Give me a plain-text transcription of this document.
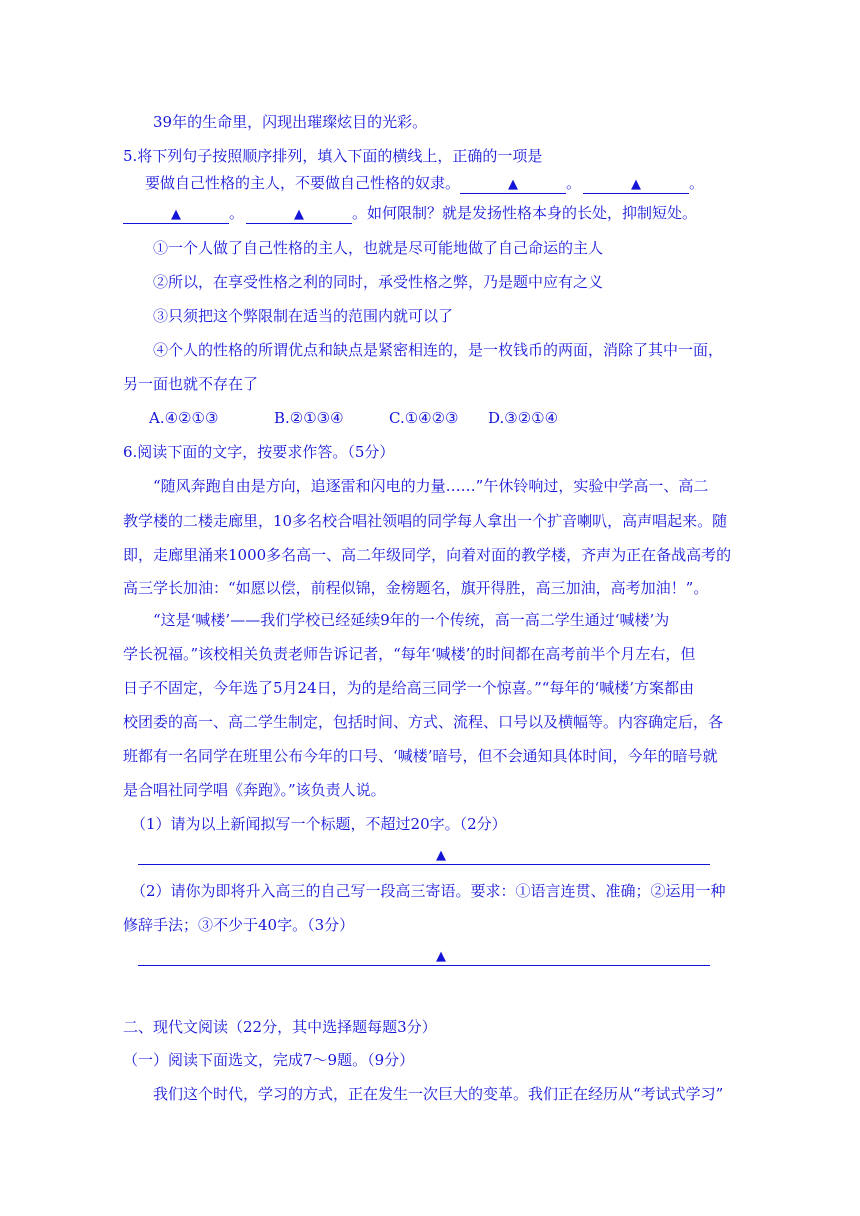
39年的生命里，闪现出璀璨炫目的光彩。
5.将下列句子按照顺序排列，填入下面的横线上，正确的一项是
要做自己性格的主人，不要做自己性格的奴隶。	▲	。	▲	。
▲	。	▲	。如何限制？就是发扬性格本身的长处，抑制短处。
①一个人做了自己性格的主人，也就是尽可能地做了自己命运的主人
②所以，在享受性格之利的同时，承受性格之弊，乃是题中应有之义
③只须把这个弊限制在适当的范围内就可以了
④个人的性格的所谓优点和缺点是紧密相连的，是一枚钱币的两面，消除了其中一面，
另一面也就不存在了
A.④②①③	B.②①③④	C.①④②③ D.③②①④
6.阅读下面的文字，按要求作答。（5分）
“随风奔跑自由是方向，追逐雷和闪电的力量……”午休铃响过，实验中学高一、高二
教学楼的二楼走廊里，10多名校合唱社领唱的同学每人拿出一个扩音喇叭，高声唱起来。随
即，走廊里涌来1000多名高一、高二年级同学，向着对面的教学楼，齐声为正在备战高考的
高三学长加油：“如愿以偿，前程似锦，金榜题名，旗开得胜，高三加油，高考加油！”。
“这是‘喊楼’——我们学校已经延续9年的一个传统，高一高二学生通过‘喊楼’为
学长祝福。”该校相关负责老师告诉记者，“每年‘喊楼’的时间都在高考前半个月左右，但
日子不固定，今年选了5月24日，为的是给高三同学一个惊喜。”“每年的‘喊楼’方案都由
校团委的高一、高二学生制定，包括时间、方式、流程、口号以及横幅等。内容确定后，各
班都有一名同学在班里公布今年的口号、‘喊楼’暗号，但不会通知具体时间，今年的暗号就
是合唱社同学唱《奔跑》。”该负责人说。
（1）请为以上新闻拟写一个标题，不超过20字。（2分）
▲
（2）请你为即将升入高三的自己写一段高三寄语。要求：①语言连贯、准确；②运用一种
修辞手法；③不少于40字。（3分）
▲
二、现代文阅读（22分，其中选择题每题3分）
（一）阅读下面选文，完成7～9题。（9分）
我们这个时代，学习的方式，正在发生一次巨大的变革。我们正在经历从“考试式学习”
